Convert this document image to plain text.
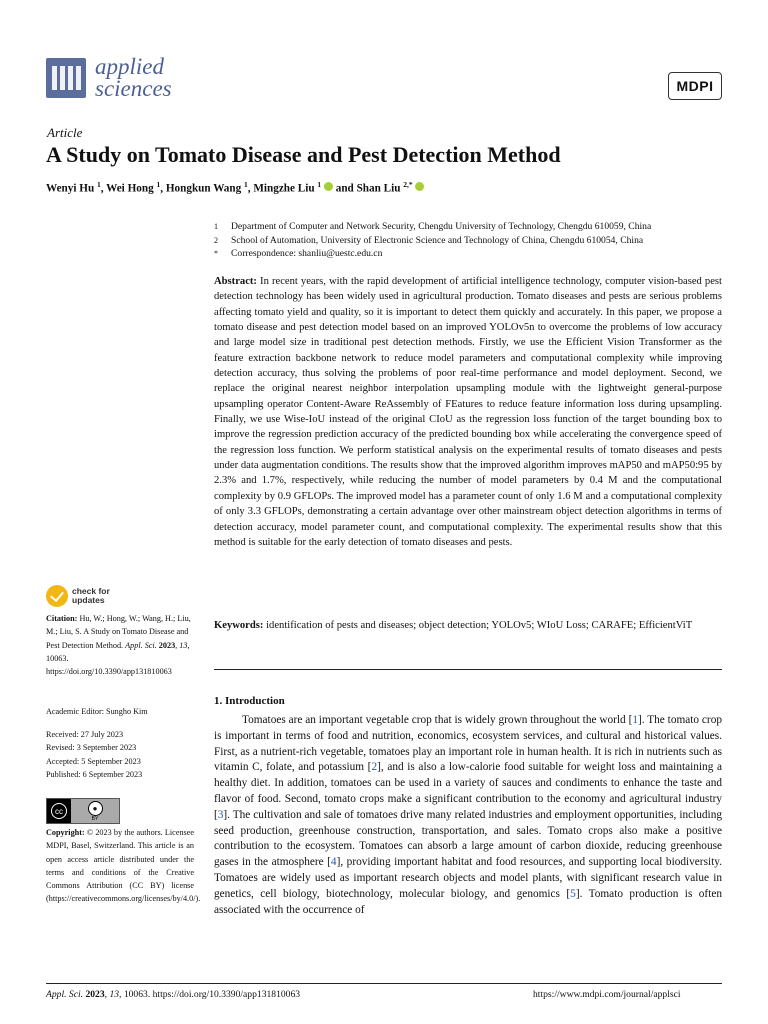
applied
sciences	MDPI
Article
A Study on Tomato Disease and Pest Detection Method
Wenyi Hu $^1$, Wei Hong $^1$, Hongkun Wang $^1$, Mingzhe Liu $^1$  and Shan Liu $^{2,*}$
1	Department of Computer and Network Security, Chengdu University of Technology, Chengdu 610059, China
2	School of Automation, University of Electronic Science and Technology of China, Chengdu 610054, China
*	Correspondence: shanliu@uestc.edu.cn

Abstract: In recent years, with the rapid development of artificial intelligence technology, computer vision-based pest detection technology has been widely used in agricultural production. Tomato diseases and pests are serious problems affecting tomato yield and quality, so it is important to detect them quickly and accurately. In this paper, we propose a tomato disease and pest detection model based on an improved YOLOv5n to overcome the problems of low accuracy and large model size in traditional pest detection methods. Firstly, we use the Efficient Vision Transformer as the feature extraction backbone network to reduce model parameters and computational complexity while improving detection accuracy, thus solving the problems of poor real-time performance and model deployment. Second, we replace the original nearest neighbor interpolation upsampling module with the lightweight general-purpose upsampling operator Content-Aware ReAssembly of FEatures to reduce feature information loss during upsampling. Finally, we use Wise-IoU instead of the original CIoU as the regression loss function of the target bounding box to improve the regression prediction accuracy of the predicted bounding box while accelerating the convergence speed of the regression loss function. We perform statistical analysis on the experimental results of tomato diseases and pests under data augmentation conditions. The results show that the improved algorithm improves mAP50 and mAP50:95 by 2.3% and 1.7%, respectively, while reducing the number of model parameters by 0.4 M and the computational complexity by 0.9 GFLOPs. The improved model has a parameter count of only 1.6 M and a computational complexity of only 3.3 GFLOPs, demonstrating a certain advantage over other mainstream object detection algorithms in terms of detection accuracy, model parameter count, and computational complexity. The experimental results show that this method is suitable for the early detection of tomato diseases and pests.

Keywords: identification of pests and diseases; object detection; YOLOv5; WIoU Loss; CARAFE; EfficientViT

1. Introduction

Tomatoes are an important vegetable crop that is widely grown throughout the world [1]. The tomato crop is important in terms of food and nutrition, economics, ecosystem services, and cultural and historical values. First, as a nutrient-rich vegetable, tomatoes play an important role in human health. It is rich in nutrients such as vitamin C, folate, and potassium [2], and is also a low-calorie food suitable for weight loss and maintaining a healthy diet. In addition, tomatoes can be used in a variety of sauces and condiments to enhance the taste and flavor of food. Second, tomato crops make a significant contribution to the economy and agricultural industry [3]. The cultivation and sale of tomatoes drive many related industries and employment opportunities, including seed production, greenhouse construction, transportation, and sales. Tomato crops also make a positive contribution to the ecosystem. Tomatoes can absorb a large amount of carbon dioxide, reducing greenhouse gases in the atmosphere [4], providing important habitat and food resources, and supporting local biodiversity. Tomatoes are widely used as important research objects and model plants, with significant research value in genetics, cell biology, biotechnology, molecular biology, and genomics [5]. Tomato production is often associated with the occurrence of

check for
updates

Citation: Hu, W.; Hong, W.; Wang, H.; Liu, M.; Liu, S. A Study on Tomato Disease and Pest Detection Method. Appl. Sci. 2023, 13, 10063. https://doi.org/10.3390/app131810063

Academic Editor: Sungho Kim

Received: 27 July 2023
Revised: 3 September 2023
Accepted: 5 September 2023
Published: 6 September 2023
cc	●
BY

Copyright: © 2023 by the authors. Licensee MDPI, Basel, Switzerland. This article is an open access article distributed under the terms and conditions of the Creative Commons Attribution (CC BY) license (https://creativecommons.org/licenses/by/4.0/).

Appl. Sci. 2023, 13, 10063. https://doi.org/10.3390/app131810063	https://www.mdpi.com/journal/applsci
